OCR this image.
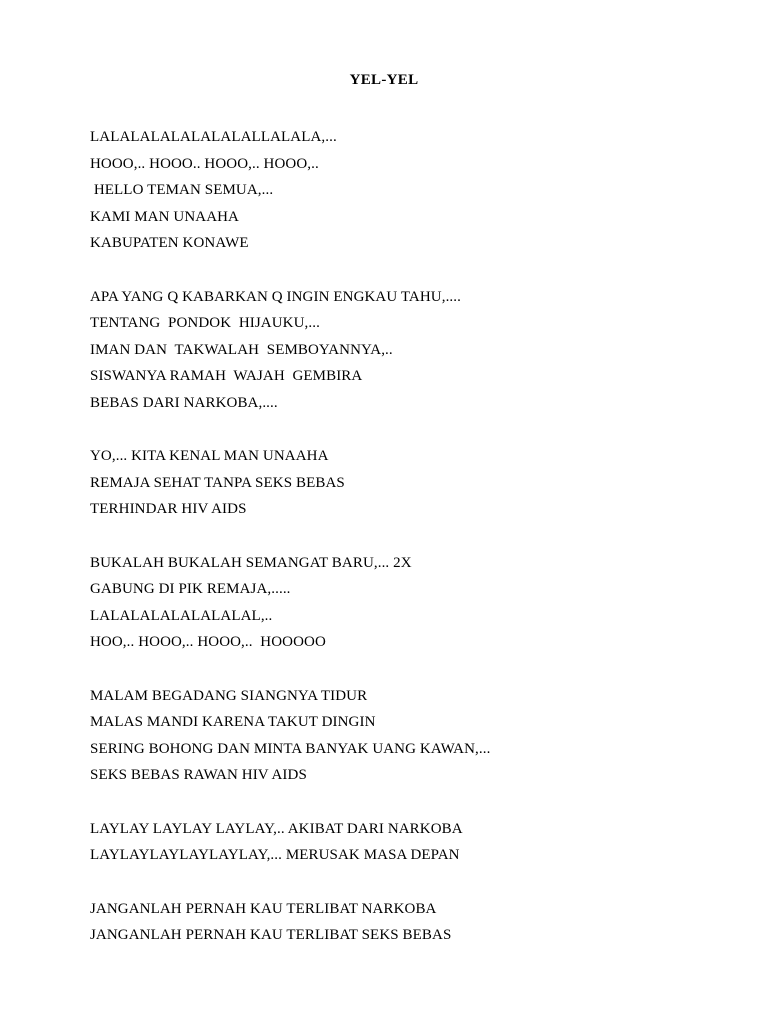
YEL-YEL
LALALALALALALALALLALALA,...
HOOO,.. HOOO.. HOOO,.. HOOO,..
HELLO TEMAN SEMUA,...
KAMI MAN UNAAHA
KABUPATEN KONAWE
APA YANG Q KABARKAN Q INGIN ENGKAU TAHU,....
TENTANG  PONDOK  HIJAUKU,...
IMAN DAN  TAKWALAH  SEMBOYANNYA,..
SISWANYA RAMAH  WAJAH  GEMBIRA
BEBAS DARI NARKOBA,....
YO,... KITA KENAL MAN UNAAHA
REMAJA SEHAT TANPA SEKS BEBAS
TERHINDAR HIV AIDS
BUKALAH BUKALAH SEMANGAT BARU,... 2X
GABUNG DI PIK REMAJA,.....
LALALALALALALALAL,..
HOO,.. HOOO,.. HOOO,..  HOOOOO
MALAM BEGADANG SIANGNYA TIDUR
MALAS MANDI KARENA TAKUT DINGIN
SERING BOHONG DAN MINTA BANYAK UANG KAWAN,...
SEKS BEBAS RAWAN HIV AIDS
LAYLAY LAYLAY LAYLAY,.. AKIBAT DARI NARKOBA
LAYLAYLAYLAYLAYLAY,... MERUSAK MASA DEPAN
JANGANLAH PERNAH KAU TERLIBAT NARKOBA
JANGANLAH PERNAH KAU TERLIBAT SEKS BEBAS
